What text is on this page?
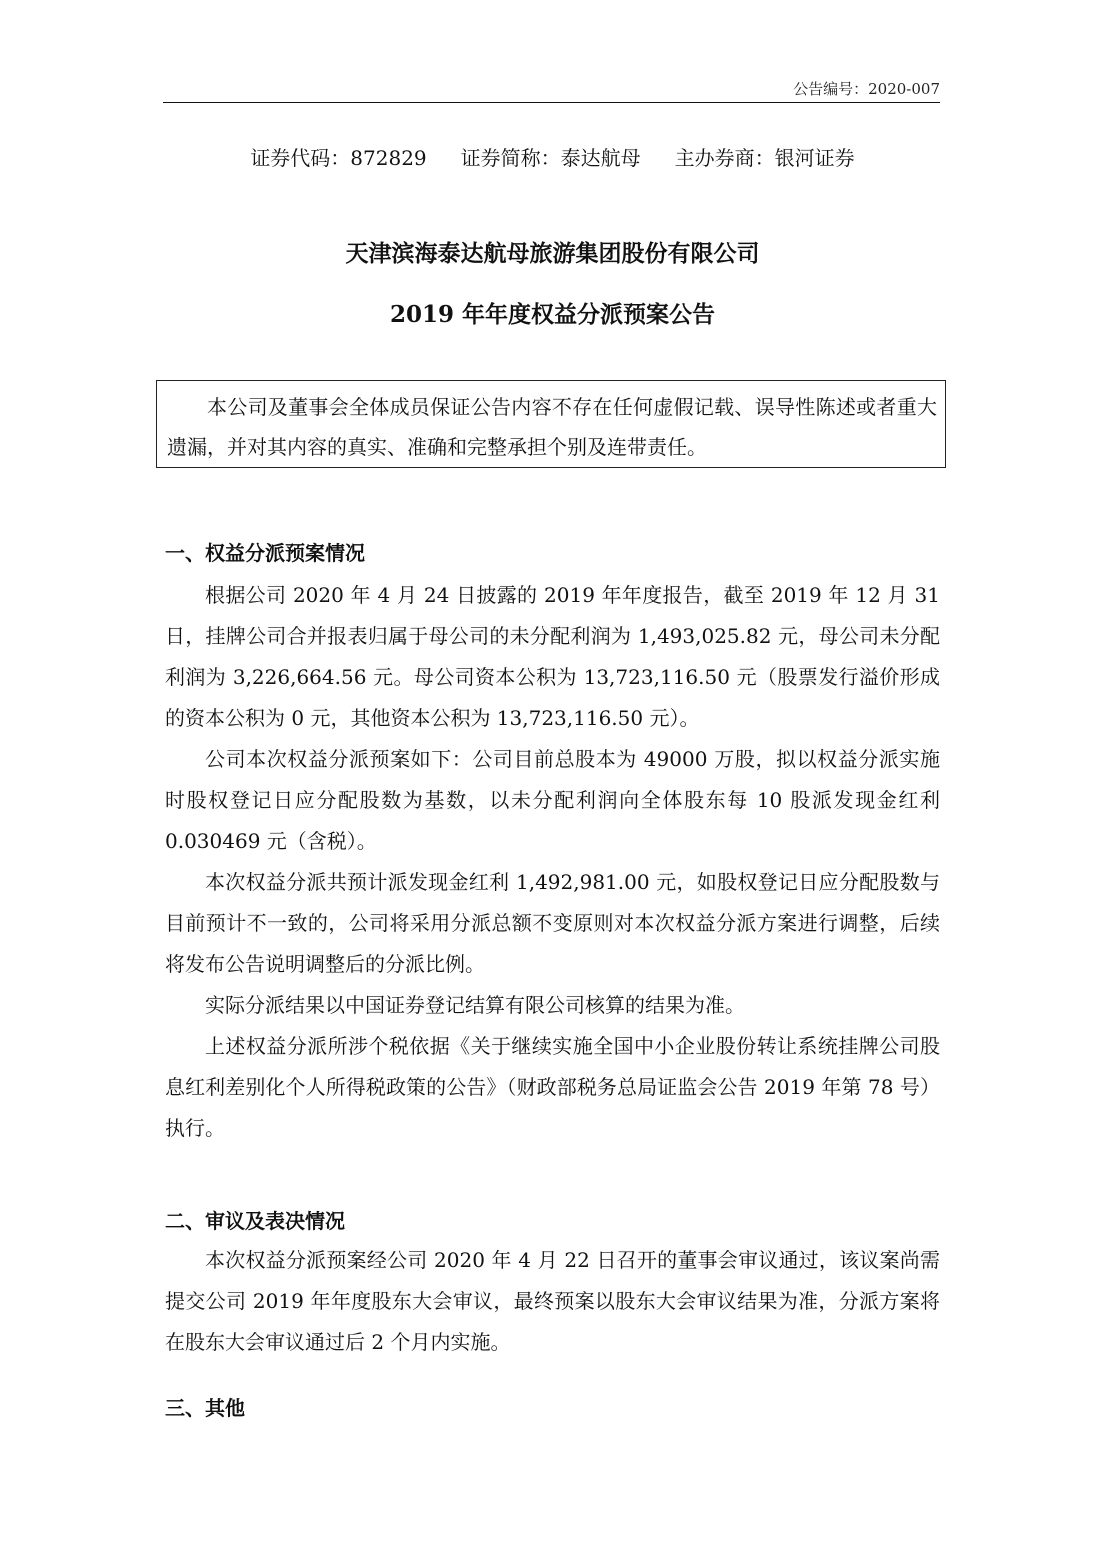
公告编号：2020-007
证券代码：872829 证券简称：泰达航母 主办券商：银河证券
天津滨海泰达航母旅游集团股份有限公司
2019 年年度权益分派预案公告

本公司及董事会全体成员保证公告内容不存在任何虚假记载、误导性陈述或者重大遗漏，并对其内容的真实、准确和完整承担个别及连带责任。

一、权益分派预案情况

根据公司 2020 年 4 月 24 日披露的 2019 年年度报告，截至 2019 年 12 月 31 日，挂牌公司合并报表归属于母公司的未分配利润为 1,493,025.82 元，母公司未分配利润为 3,226,664.56 元。母公司资本公积为 13,723,116.50 元（股票发行溢价形成的资本公积为 0 元，其他资本公积为 13,723,116.50 元）。

公司本次权益分派预案如下：公司目前总股本为 49000 万股，拟以权益分派实施时股权登记日应分配股数为基数，以未分配利润向全体股东每 10 股派发现金红利 0.030469 元（含税）。

本次权益分派共预计派发现金红利 1,492,981.00 元，如股权登记日应分配股数与目前预计不一致的，公司将采用分派总额不变原则对本次权益分派方案进行调整，后续将发布公告说明调整后的分派比例。

实际分派结果以中国证券登记结算有限公司核算的结果为准。

上述权益分派所涉个税依据《关于继续实施全国中小企业股份转让系统挂牌公司股息红利差别化个人所得税政策的公告》（财政部税务总局证监会公告 2019 年第 78 号）执行。

二、审议及表决情况

本次权益分派预案经公司 2020 年 4 月 22 日召开的董事会审议通过，该议案尚需提交公司 2019 年年度股东大会审议，最终预案以股东大会审议结果为准，分派方案将在股东大会审议通过后 2 个月内实施。

三、其他
